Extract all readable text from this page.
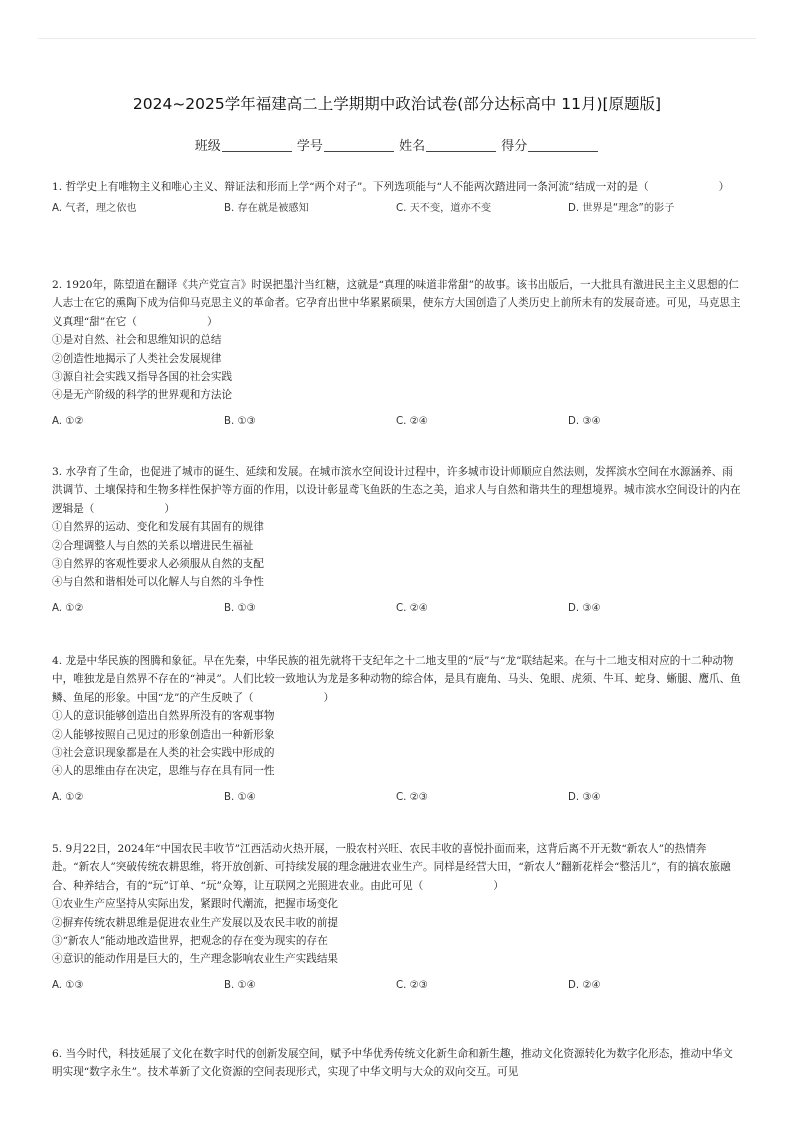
2024~2025学年福建高二上学期期中政治试卷(部分达标高中 11月)[原题版]
班级	学号	姓名	得分

1. 哲学史上有唯物主义和唯心主义、辩证法和形而上学“两个对子”。下列选项能与“人不能两次踏进同一条河流”结成一对的是（	）

A. 气者，理之依也	B. 存在就是被感知	C. 天不变，道亦不变	D. 世界是“理念”的影子

2. 1920年，陈望道在翻译《共产党宣言》时误把墨汁当红糖，这就是“真理的味道非常甜”的故事。该书出版后，一大批具有激进民主主义思想的仁人志士在它的熏陶下成为信仰马克思主义的革命者。它孕育出世中华累累硕果，使东方大国创造了人类历史上前所未有的发展奇迹。可见，马克思主义真理“甜”在它（	）

①是对自然、社会和思维知识的总结

②创造性地揭示了人类社会发展规律

③源自社会实践又指导各国的社会实践

④是无产阶级的科学的世界观和方法论

A. ①②	B. ①③	C. ②④	D. ③④

3. 水孕育了生命，也促进了城市的诞生、延续和发展。在城市滨水空间设计过程中，许多城市设计师顺应自然法则，发挥滨水空间在水源涵养、雨洪调节、土壤保持和生物多样性保护等方面的作用，以设计彰显鸢飞鱼跃的生态之美，追求人与自然和谐共生的理想境界。城市滨水空间设计的内在逻辑是（	）

①自然界的运动、变化和发展有其固有的规律

②合理调整人与自然的关系以增进民生福祉

③自然界的客观性要求人必须服从自然的支配

④与自然和谐相处可以化解人与自然的斗争性

A. ①②	B. ①③	C. ②④	D. ③④

4. 龙是中华民族的图腾和象征。早在先秦，中华民族的祖先就将干支纪年之十二地支里的“辰”与“龙”联结起来。在与十二地支相对应的十二种动物中，唯独龙是自然界不存在的“神灵”。人们比较一致地认为龙是多种动物的综合体，是具有鹿角、马头、兔眼、虎须、牛耳、蛇身、蜥腿、鹰爪、鱼鳞、鱼尾的形象。中国“龙”的产生反映了（	）

①人的意识能够创造出自然界所没有的客观事物

②人能够按照自己见过的形象创造出一种新形象

③社会意识现象都是在人类的社会实践中形成的

④人的思维由存在决定，思维与存在具有同一性

A. ①②	B. ①④	C. ②③	D. ③④

5. 9月22日，2024年“中国农民丰收节”江西活动火热开展，一股农村兴旺、农民丰收的喜悦扑面而来，这背后离不开无数“新农人”的热情奔赴。“新农人”突破传统农耕思维，将开放创新、可持续发展的理念融进农业生产。同样是经营大田，“新农人”翻新花样会“整活儿”，有的搞农旅融合、种养结合，有的“玩”订单、“玩”众筹，让互联网之光照进农业。由此可见（	）

①农业生产应坚持从实际出发，紧跟时代潮流，把握市场变化

②摒弃传统农耕思维是促进农业生产发展以及农民丰收的前提

③“新农人”能动地改造世界，把观念的存在变为现实的存在

④意识的能动作用是巨大的，生产理念影响农业生产实践结果

A. ①③	B. ①④	C. ②③	D. ②④

6. 当今时代，科技延展了文化在数字时代的创新发展空间，赋予中华优秀传统文化新生命和新生趣，推动文化资源转化为数字化形态，推动中华文明实现“数字永生”。技术革新了文化资源的空间表现形式，实现了中华文明与大众的双向交互。可见
